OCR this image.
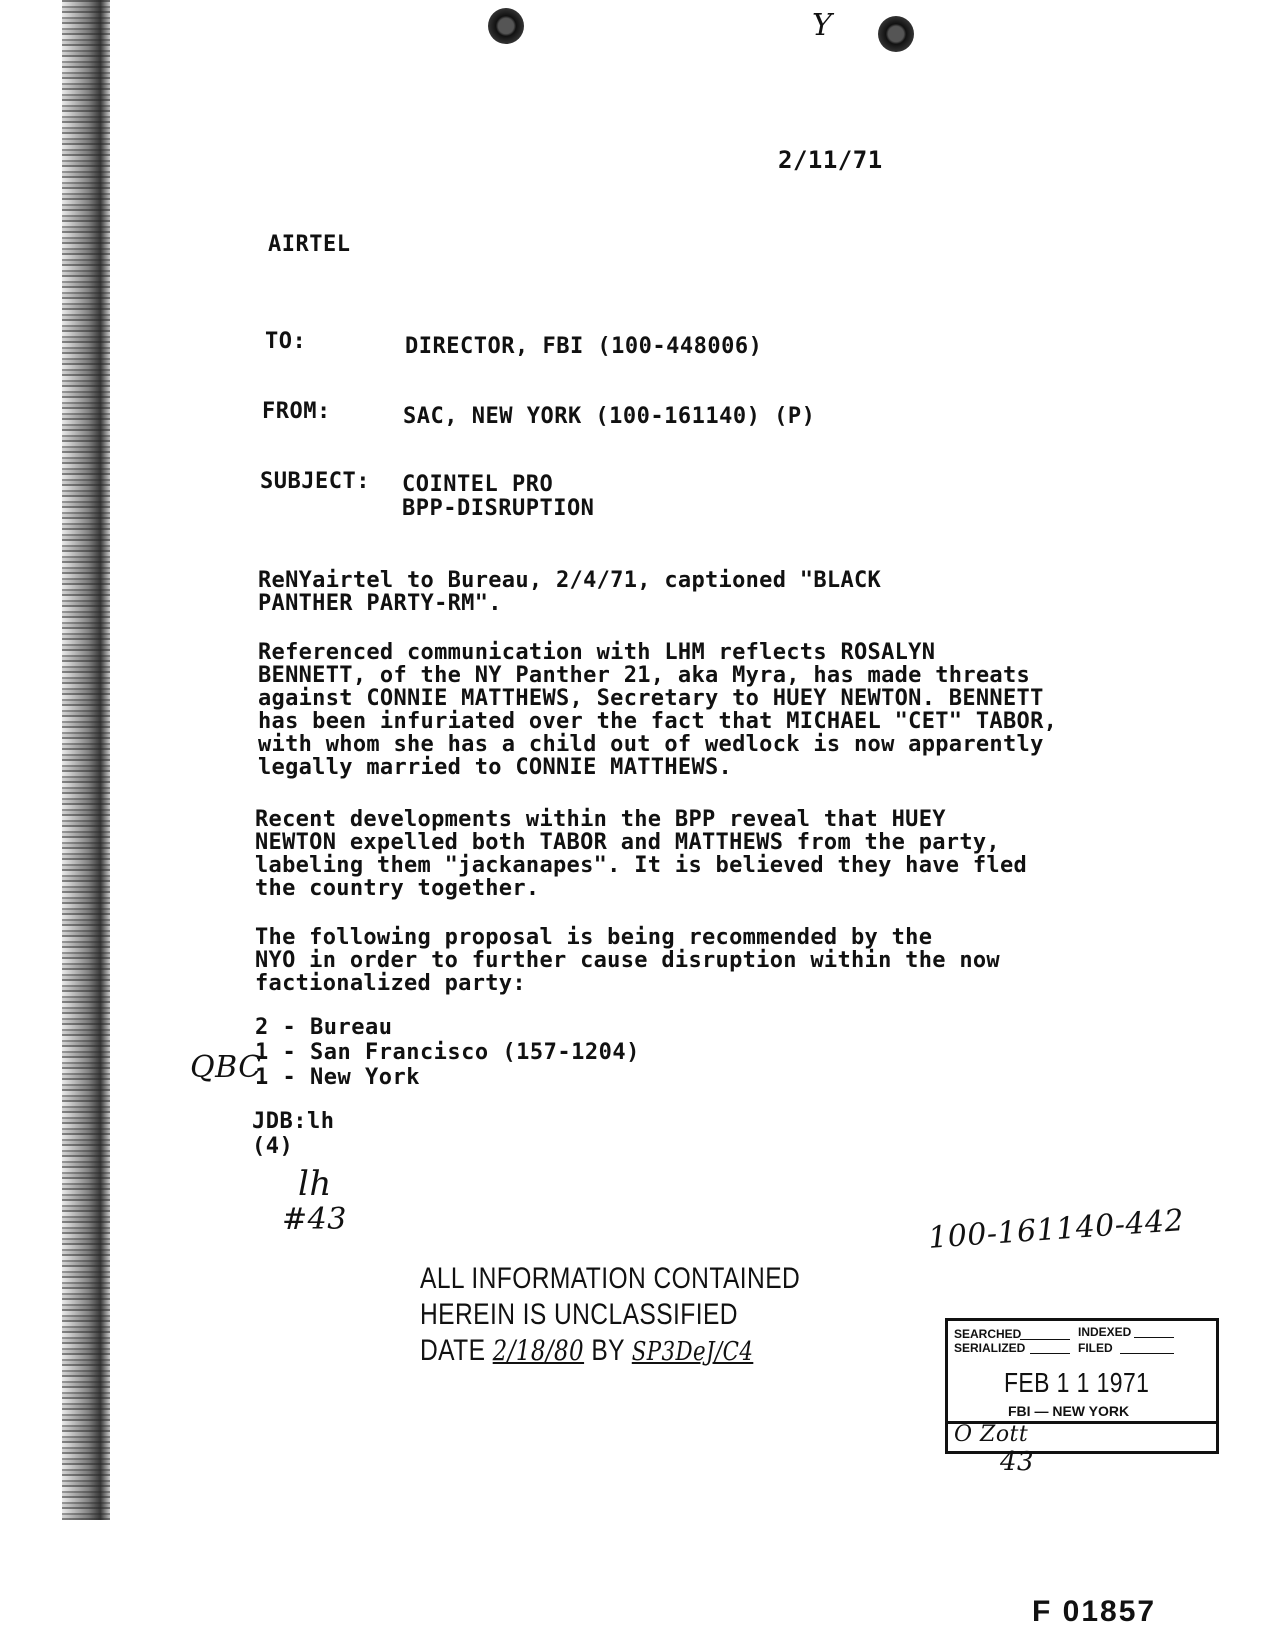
Y
2/11/71
AIRTEL
TO:	DIRECTOR, FBI (100-448006)
FROM:	SAC, NEW YORK (100-161140) (P)
SUBJECT: COINTEL PRO
BPP-DISRUPTION
ReNYairtel to Bureau, 2/4/71, captioned "BLACK
PANTHER PARTY-RM".
Referenced communication with LHM reflects ROSALYN
BENNETT, of the NY Panther 21, aka Myra, has made threats
against CONNIE MATTHEWS, Secretary to HUEY NEWTON. BENNETT
has been infuriated over the fact that MICHAEL "CET" TABOR,
with whom she has a child out of wedlock is now apparently
legally married to CONNIE MATTHEWS.
Recent developments within the BPP reveal that HUEY
NEWTON expelled both TABOR and MATTHEWS from the party,
labeling them "jackanapes". It is believed they have fled
the country together.
The following proposal is being recommended by the
NYO in order to further cause disruption within the now
factionalized party:
2 - Bureau
1 - San Francisco (157-1204)
1 - New York
QBC
JDB:lh
(4)
lh
#43	100-161140-442
ALL INFORMATION CONTAINED
HEREIN IS UNCLASSIFIED
DATE 2/18/80 BY SP3DeJ/C4
SEARCHED	INDEXED
SERIALIZED	FILED
FEB 1 1 1971
FBI — NEW YORK
O Zott
43
F 01857
